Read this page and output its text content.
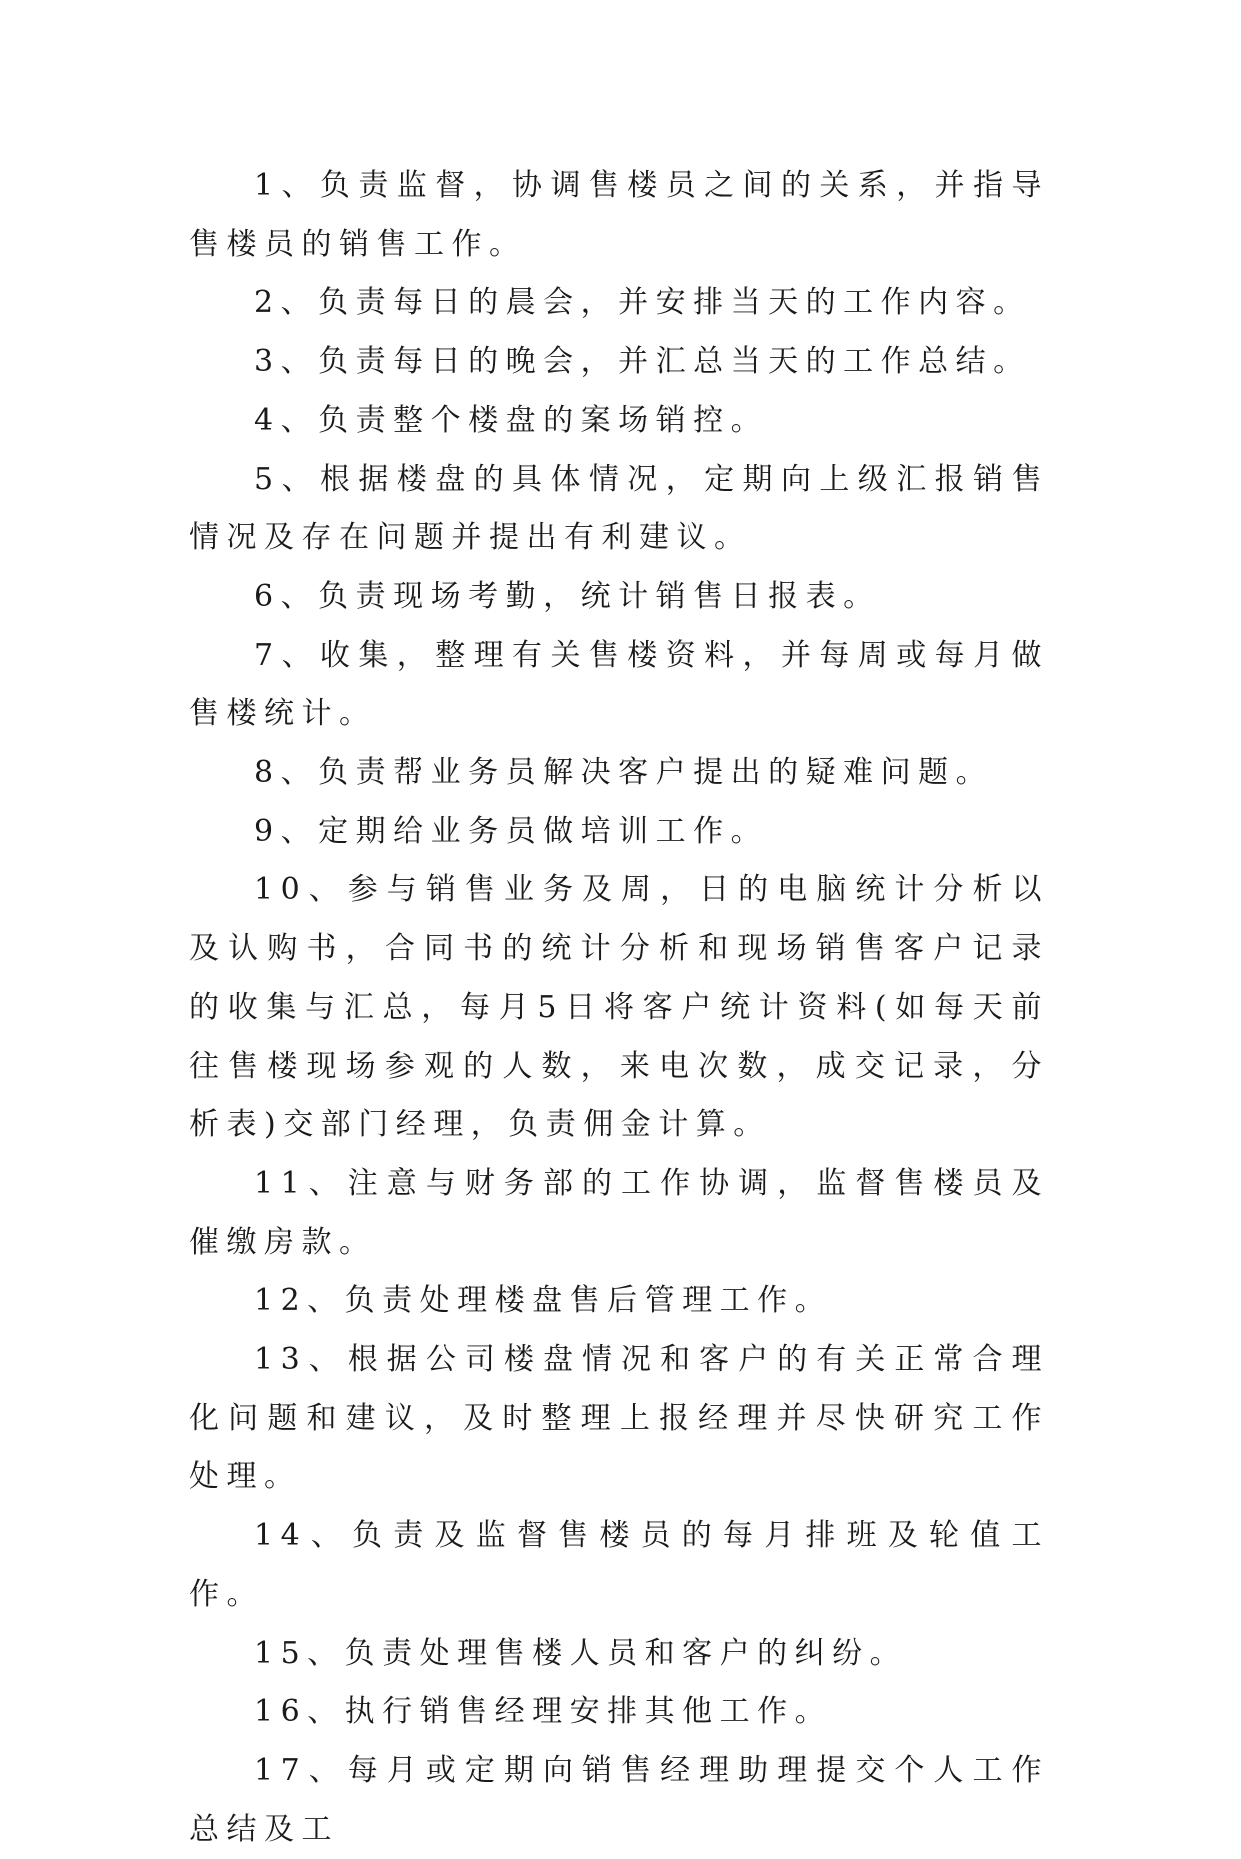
1、负责监督，协调售楼员之间的关系，并指导售楼员的销售工作。

2、负责每日的晨会，并安排当天的工作内容。

3、负责每日的晚会，并汇总当天的工作总结。

4、负责整个楼盘的案场销控。

5、根据楼盘的具体情况，定期向上级汇报销售情况及存在问题并提出有利建议。

6、负责现场考勤，统计销售日报表。

7、收集，整理有关售楼资料，并每周或每月做售楼统计。

8、负责帮业务员解决客户提出的疑难问题。

9、定期给业务员做培训工作。

10、参与销售业务及周，日的电脑统计分析以及认购书，合同书的统计分析和现场销售客户记录的收集与汇总，每月5日将客户统计资料(如每天前往售楼现场参观的人数，来电次数，成交记录，分析表)交部门经理，负责佣金计算。

11、注意与财务部的工作协调，监督售楼员及催缴房款。

12、负责处理楼盘售后管理工作。

13、根据公司楼盘情况和客户的有关正常合理化问题和建议，及时整理上报经理并尽快研究工作处理。

14、负责及监督售楼员的每月排班及轮值工作。

15、负责处理售楼人员和客户的纠纷。

16、执行销售经理安排其他工作。

17、每月或定期向销售经理助理提交个人工作总结及工
